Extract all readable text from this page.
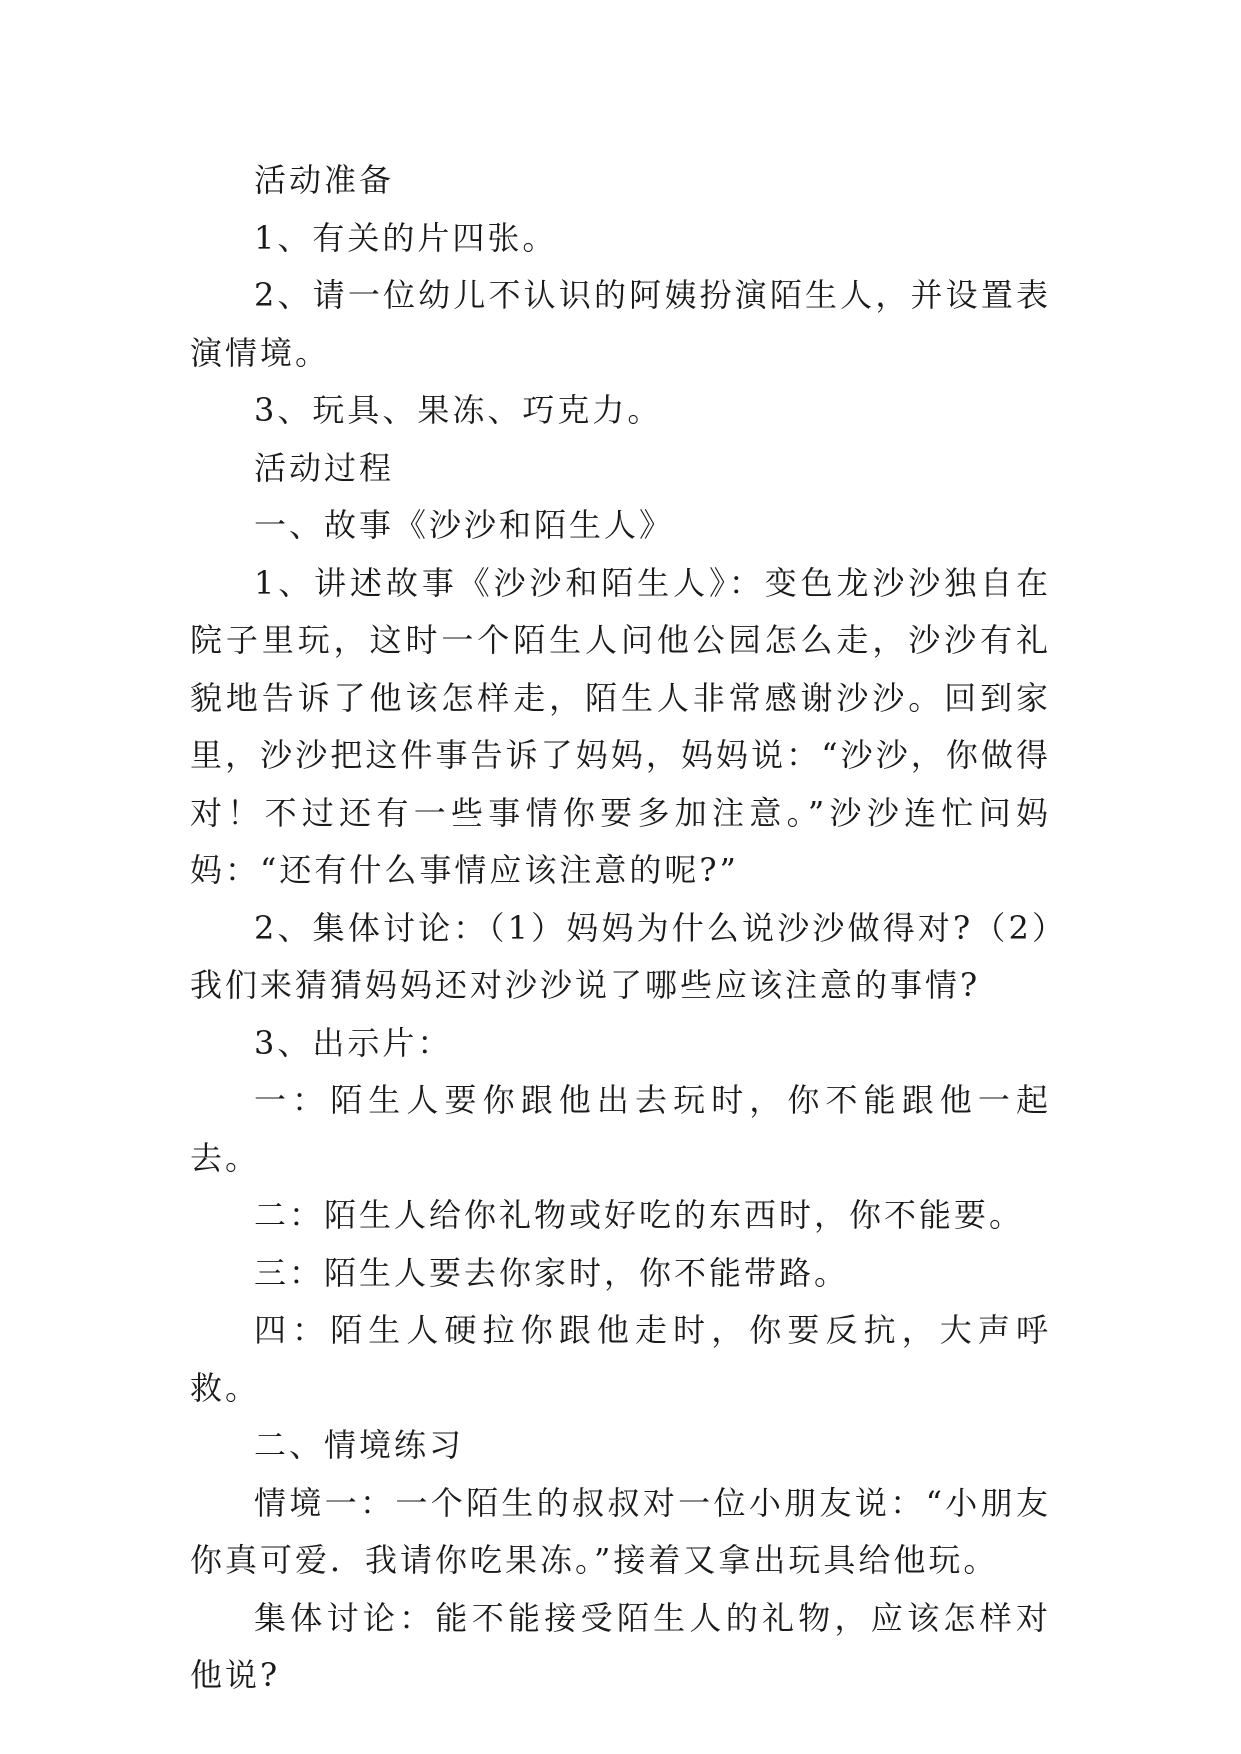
活动准备

1、有关的片四张。

2、请一位幼儿不认识的阿姨扮演陌生人，并设置表演情境。

3、玩具、果冻、巧克力。

活动过程

一、故事《沙沙和陌生人》

1、讲述故事《沙沙和陌生人》：变色龙沙沙独自在院子里玩，这时一个陌生人问他公园怎么走，沙沙有礼貌地告诉了他该怎样走，陌生人非常感谢沙沙。回到家里，沙沙把这件事告诉了妈妈，妈妈说：“沙沙，你做得对！不过还有一些事情你要多加注意。”沙沙连忙问妈妈：“还有什么事情应该注意的呢?”

2、集体讨论：（1）妈妈为什么说沙沙做得对?（2）我们来猜猜妈妈还对沙沙说了哪些应该注意的事情?

3、出示片：

一：陌生人要你跟他出去玩时，你不能跟他一起去。

二：陌生人给你礼物或好吃的东西时，你不能要。

三：陌生人要去你家时，你不能带路。

四：陌生人硬拉你跟他走时，你要反抗，大声呼救。

二、情境练习

情境一：一个陌生的叔叔对一位小朋友说：“小朋友你真可爱．我请你吃果冻。”接着又拿出玩具给他玩。

集体讨论：能不能接受陌生人的礼物，应该怎样对他说?
